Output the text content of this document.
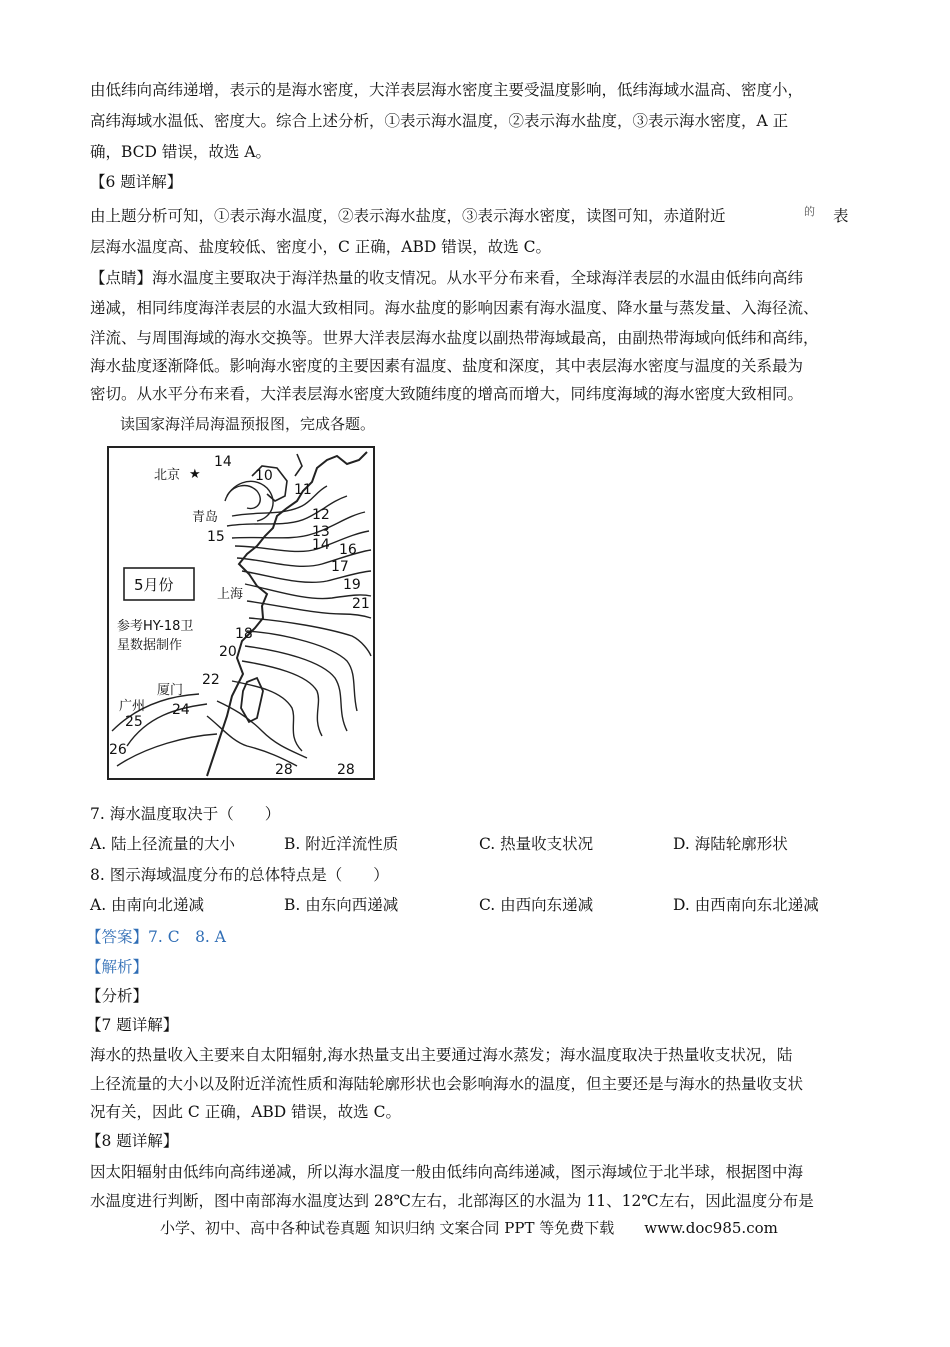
由低纬向高纬递增，表示的是海水密度，大洋表层海水密度主要受温度影响，低纬海域水温高、密度小，
高纬海域水温低、密度大。综合上述分析，①表示海水温度，②表示海水盐度，③表示海水密度，A 正
确，BCD 错误，故选 A。
【6 题详解】
由上题分析可知，①表示海水温度，②表示海水盐度，③表示海水密度，读图可知，赤道附近	的 表
层海水温度高、盐度较低、密度小，C 正确，ABD 错误，故选 C。
【点睛】海水温度主要取决于海洋热量的收支情况。从水平分布来看，全球海洋表层的水温由低纬向高纬
递减，相同纬度海洋表层的水温大致相同。海水盐度的影响因素有海水温度、降水量与蒸发量、入海径流、
洋流、与周围海域的海水交换等。世界大洋表层海水盐度以副热带海域最高，由副热带海域向低纬和高纬，
海水盐度逐渐降低。影响海水密度的主要因素有温度、盐度和深度，其中表层海水密度与温度的关系最为
密切。从水平分布来看，大洋表层海水密度大致随纬度的增高而增大，同纬度海域的海水密度大致相同。
读国家海洋局海温预报图，完成各题。
★
北京
青岛
上海
厦门
广州
5月份
参考HY-18卫
星数据制作
14
10
11
12
13
14
15
16
17
19
21
18
20
22
24
25
26
28	28
7. 海水温度取决于（　　）
A. 陆上径流量的大小	B. 附近洋流性质	C. 热量收支状况	D. 海陆轮廓形状
8. 图示海域温度分布的总体特点是（　　）
A. 由南向北递减	B. 由东向西递减	C. 由西向东递减	D. 由西南向东北递减
【答案】7. C　8. A
【解析】
【分析】
【7 题详解】
海水的热量收入主要来自太阳辐射,海水热量支出主要通过海水蒸发；海水温度取决于热量收支状况，陆
上径流量的大小以及附近洋流性质和海陆轮廓形状也会影响海水的温度，但主要还是与海水的热量收支状
况有关，因此 C 正确，ABD 错误，故选 C。
【8 题详解】
因太阳辐射由低纬向高纬递减，所以海水温度一般由低纬向高纬递减，图示海域位于北半球，根据图中海
水温度进行判断，图中南部海水温度达到 28℃左右，北部海区的水温为 11、12℃左右，因此温度分布是
小学、初中、高中各种试卷真题 知识归纳 文案合同 PPT 等免费下载　　www.doc985.com
